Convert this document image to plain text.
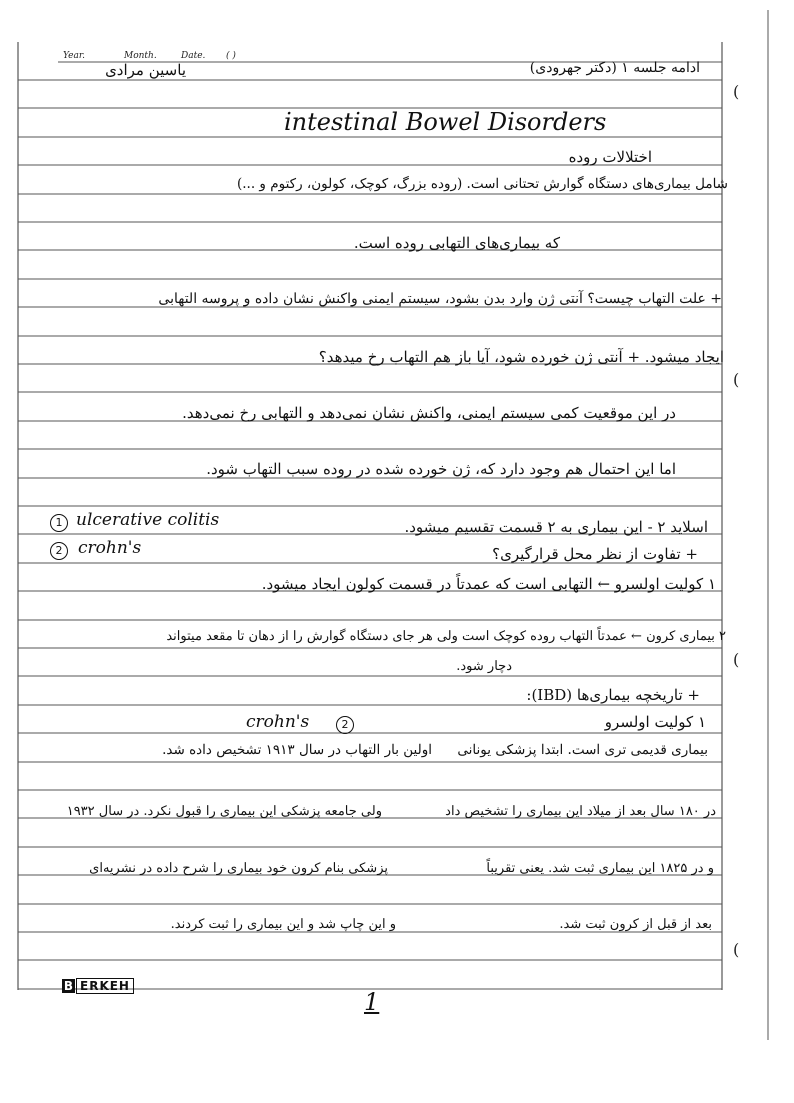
Year.	Month.	Date. ( )
یاسین مرادی	ادامه جلسه ۱ (دکتر جهرودی)
(
(
(
(
intestinal Bowel Disorders
اختلالات روده
شامل بیماری‌های دستگاه گوارش تحتانی است. (روده بزرگ، کوچک، کولون، رکتوم و ...)
که بیماری‌های التهابی روده است.
+ علت التهاب چیست؟ آنتی ژن وارد بدن بشود، سیستم ایمنی واکنش نشان داده و پروسه التهابی
ایجاد میشود. + آنتی ژن خورده شود، آیا باز هم التهاب رخ میدهد؟
در این موقعیت کمی سیستم ایمنی، واکنش نشان نمی‌دهد و التهابی رخ نمی‌دهد.
اما این احتمال هم وجود دارد که، ژن خورده شده در روده سبب التهاب شود.
1 ulcerative colitis
2 crohn's
اسلاید ۲ - این بیماری به ۲ قسمت تقسیم میشود.
+ تفاوت از نظر محل قرارگیری؟
۱ کولیت اولسرو ← التهابی است که عمدتاً در قسمت کولون ایجاد میشود.
۲ بیماری کرون ← عمدتاً التهاب روده کوچک است ولی هر جای دستگاه گوارش را از دهان تا مقعد میتواند
دچار شود.
+ تاریخچه بیماری‌ها (IBD):
crohn's	2	۱ کولیت اولسرو
بیماری قدیمی تری است. ابتدا پزشکی یونانی
اولین بار التهاب در سال ۱۹۱۳ تشخیص داده شد.
در ۱۸۰ سال بعد از میلاد این بیماری را تشخیص داد
ولی جامعه پزشکی این بیماری را قبول نکرد. در سال ۱۹۳۲
و در ۱۸۲۵ این بیماری ثبت شد. یعنی تقریباً
پزشکی بنام کرون خود بیماری را شرح داده در نشریه‌ای
بعد از قبل از کرون ثبت شد.
و این چاپ شد و این بیماری را ثبت کردند.
B ERKEH
1
